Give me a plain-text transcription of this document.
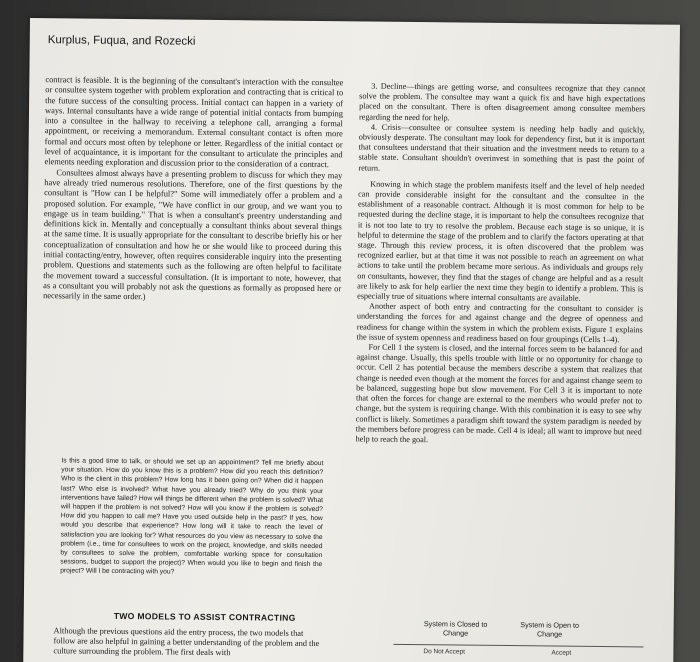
Kurplus, Fuqua, and Rozecki

contract is feasible. It is the beginning of the consultant's interaction with the consultee or consultee system together with problem exploration and contracting that is critical to the future success of the consulting process. Initial contact can happen in a variety of ways. Internal consultants have a wide range of potential initial contacts from bumping into a consultee in the hallway to receiving a telephone call, arranging a formal appointment, or receiving a memorandum. External consultant contact is often more formal and occurs most often by telephone or letter. Regardless of the initial contact or level of acquaintance, it is important for the consultant to articulate the principles and elements needing exploration and discussion prior to the consideration of a contract.

Consultees almost always have a presenting problem to discuss for which they may have already tried numerous resolutions. Therefore, one of the first questions by the consultant is "How can I be helpful?" Some will immediately offer a problem and a proposed solution. For example, "We have conflict in our group, and we want you to engage us in team building." That is when a consultant's preentry understanding and definitions kick in. Mentally and conceptually a consultant thinks about several things at the same time. It is usually appropriate for the consultant to describe briefly his or her conceptualization of consultation and how he or she would like to proceed during this initial contacting/entry, however, often requires considerable inquiry into the presenting problem. Questions and statements such as the following are often helpful to facilitate the movement toward a successful consultation. (It is important to note, however, that as a consultant you will probably not ask the questions as formally as proposed here or necessarily in the same order.)

Is this a good time to talk, or should we set up an appointment? Tell me briefly about your situation. How do you know this is a problem? How did you reach this definition? Who is the client in this problem? How long has it been going on? When did it happen last? Who else is involved? What have you already tried? Why do you think your interventions have failed? How will things be different when the problem is solved? What will happen if the problem is not solved? How will you know if the problem is solved? How did you happen to call me? Have you used outside help in the past? If yes, how would you describe that experience? How long will it take to reach the level of satisfaction you are looking for? What resources do you view as necessary to solve the problem (i.e., time for consultees to work on the project, knowledge, and skills needed by consultees to solve the problem, comfortable working space for consultation sessions, budget to support the project)? When would you like to begin and finish the project? Will I be contracting with you?
TWO MODELS TO ASSIST CONTRACTING
Although the previous questions aid the entry process, the two models that follow are also helpful in gaining a better understanding of the problem and the culture surrounding the problem. The first deals with

3. Decline—things are getting worse, and consultees recognize that they cannot solve the problem. The consultee may want a quick fix and have high expectations placed on the consultant. There is often disagreement among consultee members regarding the need for help.

4. Crisis—consultee or consultee system is needing help badly and quickly, obviously desperate. The consultant may look for dependency first, but it is important that consultees understand that their situation and the investment needs to return to a stable state. Consultant shouldn't overinvest in something that is past the point of return.

Knowing in which stage the problem manifests itself and the level of help needed can provide considerable insight for the consultant and the consultee in the establishment of a reasonable contract. Although it is most common for help to be requested during the decline stage, it is important to help the consultees recognize that it is not too late to try to resolve the problem. Because each stage is so unique, it is helpful to determine the stage of the problem and to clarify the factors operating at that stage. Through this review process, it is often discovered that the problem was recognized earlier, but at that time it was not possible to reach an agreement on what actions to take until the problem became more serious. As individuals and groups rely on consultants, however, they find that the stages of change are helpful and as a result are likely to ask for help earlier the next time they begin to identify a problem. This is especially true of situations where internal consultants are available.

Another aspect of both entry and contracting for the consultant to consider is understanding the forces for and against change and the degree of openness and readiness for change within the system in which the problem exists. Figure 1 explains the issue of system openness and readiness based on four groupings (Cells 1–4).

For Cell 1 the system is closed, and the internal forces seem to be balanced for and against change. Usually, this spells trouble with little or no opportunity for change to occur. Cell 2 has potential because the members describe a system that realizes that change is needed even though at the moment the forces for and against change seem to be balanced, suggesting hope but slow movement. For Cell 3 it is important to note that often the forces for change are external to the members who would prefer not to change, but the system is requiring change. With this combination it is easy to see why conflict is likely. Sometimes a paradigm shift toward the system paradigm is needed by the members before progress can be made. Cell 4 is ideal; all want to improve but need help to reach the goal.

System is Closed to Change
System is Open to Change
Do Not Accept	Accept
